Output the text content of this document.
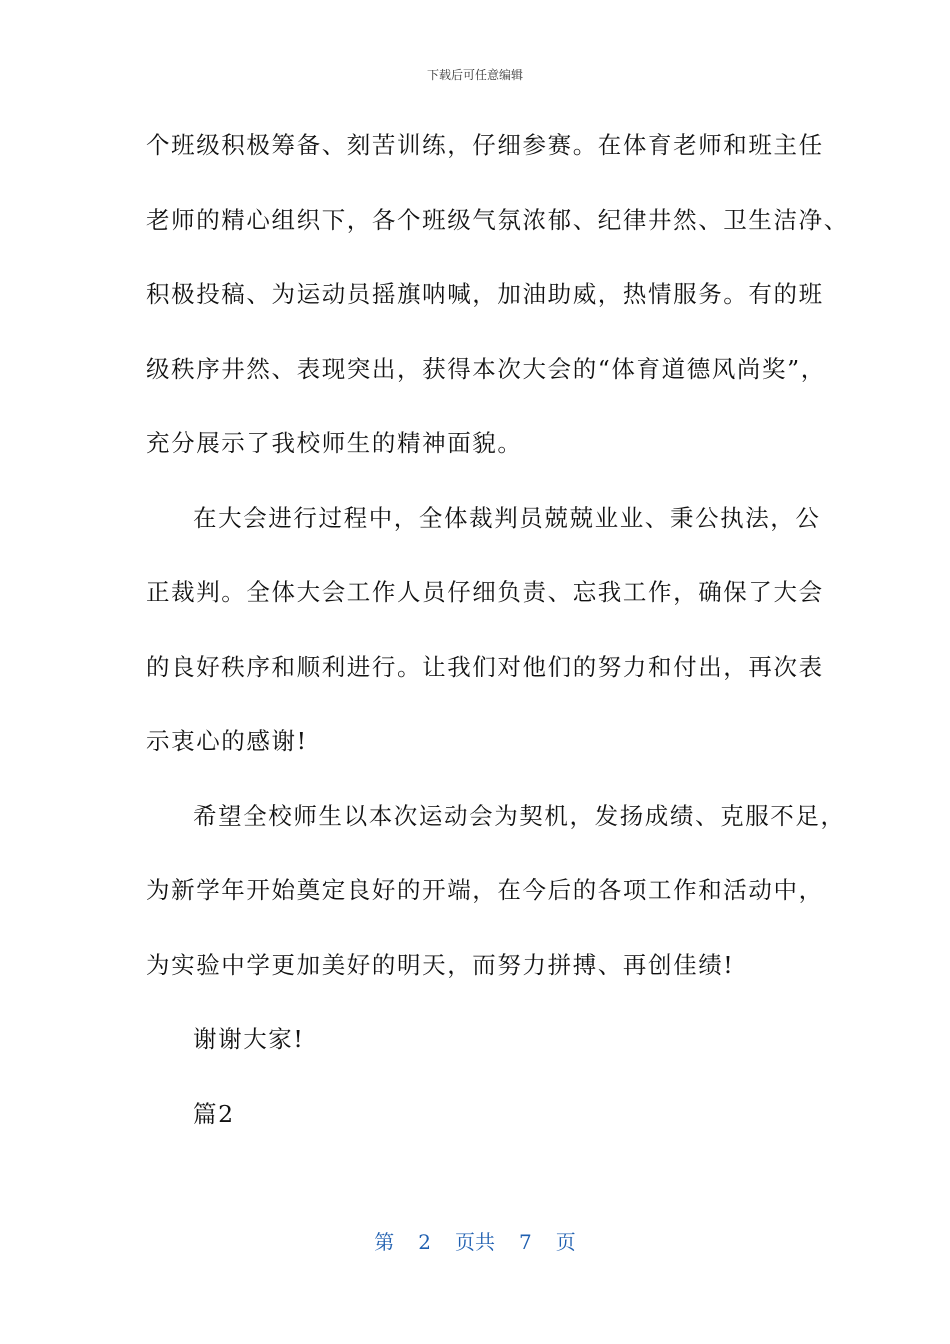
下载后可任意编辑
个班级积极筹备、刻苦训练，仔细参赛。在体育老师和班主任
老师的精心组织下，各个班级气氛浓郁、纪律井然、卫生洁净、
积极投稿、为运动员摇旗呐喊，加油助威，热情服务。有的班
级秩序井然、表现突出，获得本次大会的“体育道德风尚奖”，
充分展示了我校师生的精神面貌。
在大会进行过程中，全体裁判员兢兢业业、秉公执法，公
正裁判。全体大会工作人员仔细负责、忘我工作，确保了大会
的良好秩序和顺利进行。让我们对他们的努力和付出，再次表
示衷心的感谢!
希望全校师生以本次运动会为契机，发扬成绩、克服不足，
为新学年开始奠定良好的开端，在今后的各项工作和活动中，
为实验中学更加美好的明天，而努力拼搏、再创佳绩!
谢谢大家!
篇2
第 2 页共 7 页
